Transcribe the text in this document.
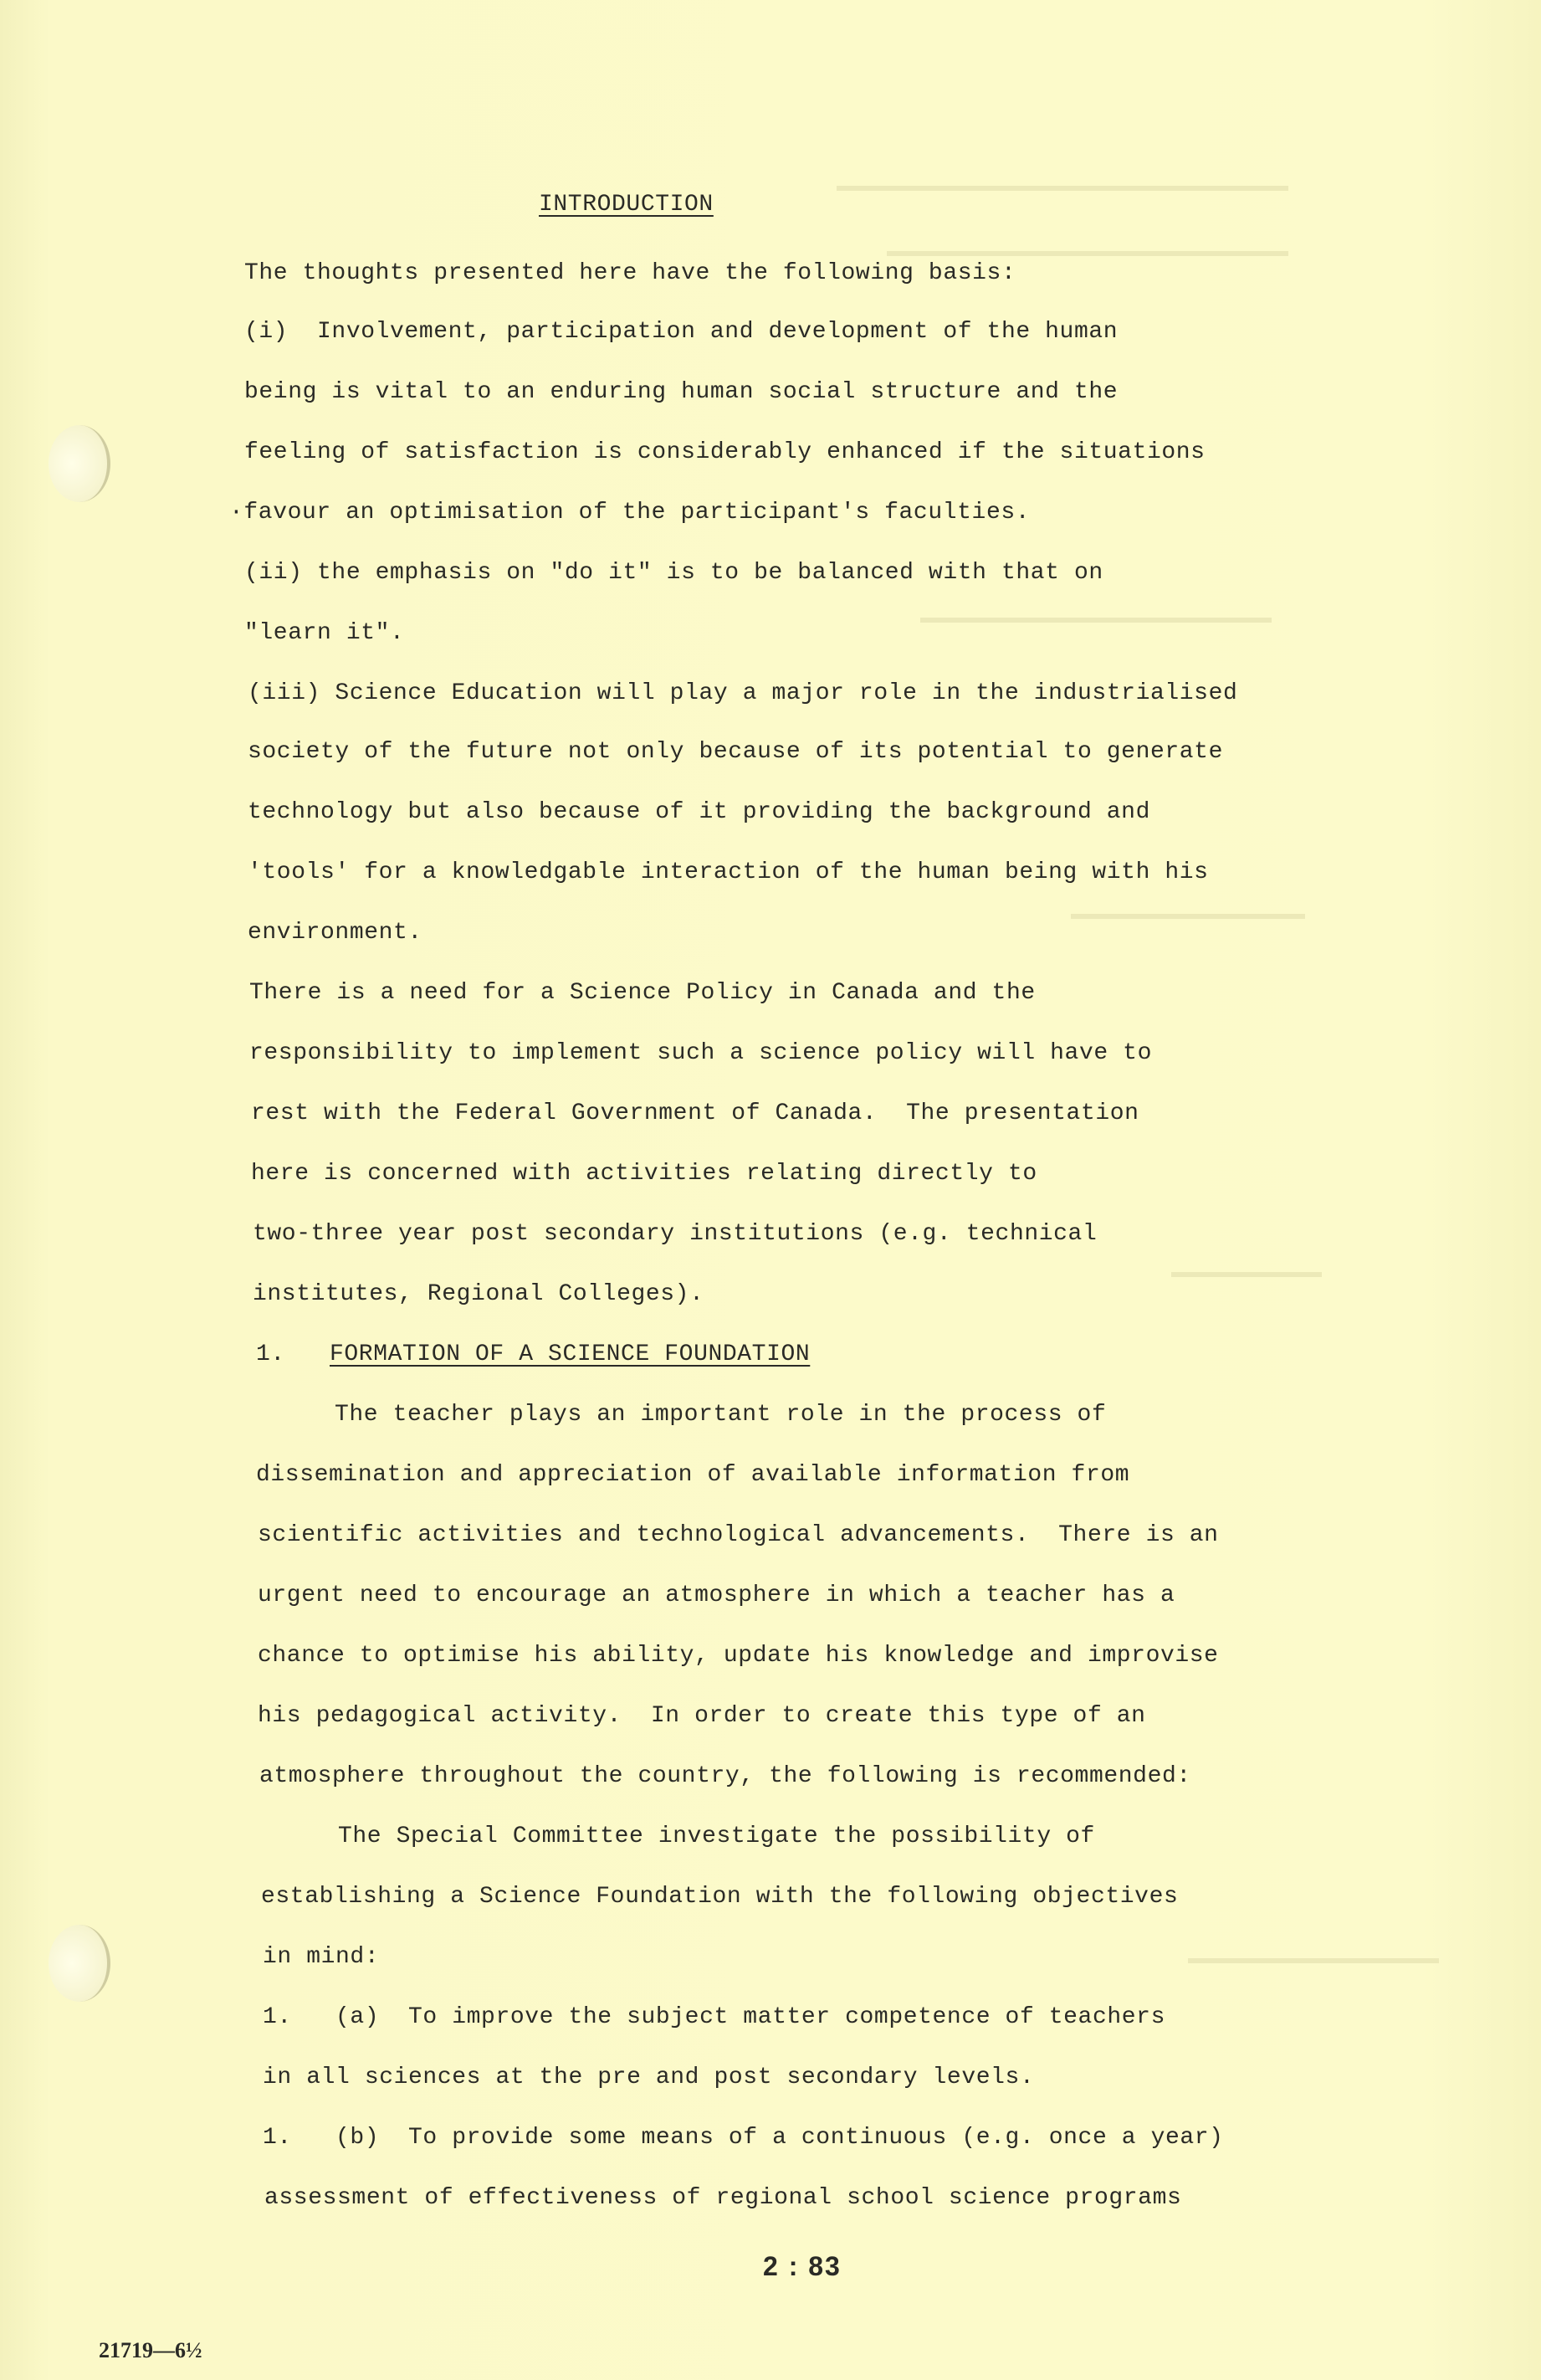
INTRODUCTION
The thoughts presented here have the following basis:
(i)  Involvement, participation and development of the human
being is vital to an enduring human social structure and the
feeling of satisfaction is considerably enhanced if the situations
·favour an optimisation of the participant's faculties.
(ii) the emphasis on "do it" is to be balanced with that on
"learn it".
(iii) Science Education will play a major role in the industrialised
society of the future not only because of its potential to generate
technology but also because of it providing the background and
'tools' for a knowledgable interaction of the human being with his
environment.
There is a need for a Science Policy in Canada and the
responsibility to implement such a science policy will have to
rest with the Federal Government of Canada.  The presentation
here is concerned with activities relating directly to
two-three year post secondary institutions (e.g. technical
institutes, Regional Colleges).
1. FORMATION OF A SCIENCE FOUNDATION
The teacher plays an important role in the process of
dissemination and appreciation of available information from
scientific activities and technological advancements.  There is an
urgent need to encourage an atmosphere in which a teacher has a
chance to optimise his ability, update his knowledge and improvise
his pedagogical activity.  In order to create this type of an
atmosphere throughout the country, the following is recommended:
The Special Committee investigate the possibility of
establishing a Science Foundation with the following objectives
in mind:
1.   (a)  To improve the subject matter competence of teachers
in all sciences at the pre and post secondary levels.
1.   (b)  To provide some means of a continuous (e.g. once a year)
assessment of effectiveness of regional school science programs
2 : 83
21719—6½
